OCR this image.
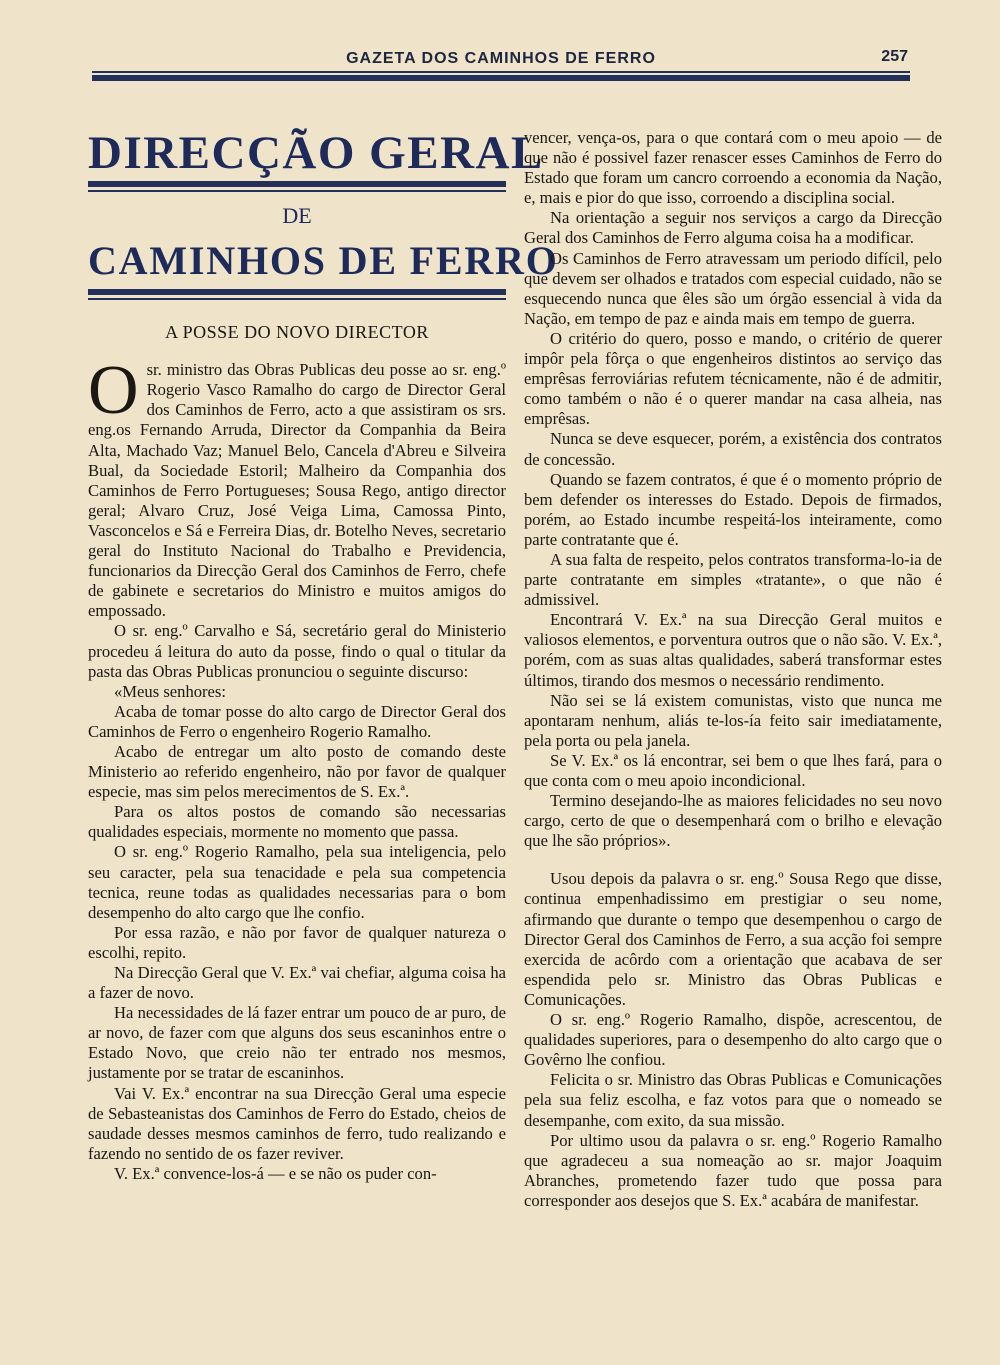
GAZETA DOS CAMINHOS DE FERRO	257
DIRECÇÃO GERAL
DE
CAMINHOS DE FERRO
A POSSE DO NOVO DIRECTOR
O sr. ministro das Obras Publicas deu posse ao sr. eng.º Rogerio Vasco Ramalho do cargo de Director Geral dos Caminhos de Ferro, acto a que assistiram os srs. eng.os Fernando Arruda, Director da Companhia da Beira Alta, Machado Vaz; Manuel Belo, Cancela d'Abreu e Silveira Bual, da Sociedade Estoril; Malheiro da Companhia dos Caminhos de Ferro Portugueses; Sousa Rego, antigo director geral; Alvaro Cruz, José Veiga Lima, Camossa Pinto, Vasconcelos e Sá e Ferreira Dias, dr. Botelho Neves, secretario geral do Instituto Nacional do Trabalho e Previdencia, funcionarios da Direcção Geral dos Caminhos de Ferro, chefe de gabinete e secretarios do Ministro e muitos amigos do empossado.

O sr. eng.º Carvalho e Sá, secretário geral do Ministerio procedeu á leitura do auto da posse, findo o qual o titular da pasta das Obras Publicas pronunciou o seguinte discurso:

«Meus senhores:

Acaba de tomar posse do alto cargo de Director Geral dos Caminhos de Ferro o engenheiro Rogerio Ramalho.

Acabo de entregar um alto posto de comando deste Ministerio ao referido engenheiro, não por favor de qualquer especie, mas sim pelos merecimentos de S. Ex.ª.

Para os altos postos de comando são necessarias qualidades especiais, mormente no momento que passa.

O sr. eng.º Rogerio Ramalho, pela sua inteligencia, pelo seu caracter, pela sua tenacidade e pela sua competencia tecnica, reune todas as qualidades necessarias para o bom desempenho do alto cargo que lhe confio.

Por essa razão, e não por favor de qualquer natureza o escolhi, repito.

Na Direcção Geral que V. Ex.ª vai chefiar, alguma coisa ha a fazer de novo.

Ha necessidades de lá fazer entrar um pouco de ar puro, de ar novo, de fazer com que alguns dos seus escaninhos entre o Estado Novo, que creio não ter entrado nos mesmos, justamente por se tratar de escaninhos.

Vai V. Ex.ª encontrar na sua Direcção Geral uma especie de Sebasteanistas dos Caminhos de Ferro do Estado, cheios de saudade desses mesmos caminhos de ferro, tudo realizando e fazendo no sentido de os fazer reviver.

V. Ex.ª convence-los-á — e se não os puder con-

vencer, vença-os, para o que contará com o meu apoio — de que não é possivel fazer renascer esses Caminhos de Ferro do Estado que foram um cancro corroendo a economia da Nação, e, mais e pior do que isso, corroendo a disciplina social.

Na orientação a seguir nos serviços a cargo da Direcção Geral dos Caminhos de Ferro alguma coisa ha a modificar.

Os Caminhos de Ferro atravessam um periodo difícil, pelo que devem ser olhados e tratados com especial cuidado, não se esquecendo nunca que êles são um órgão essencial à vida da Nação, em tempo de paz e ainda mais em tempo de guerra.

O critério do quero, posso e mando, o critério de querer impôr pela fôrça o que engenheiros distintos ao serviço das emprêsas ferroviárias refutem técnicamente, não é de admitir, como também o não é o querer mandar na casa alheia, nas emprêsas.

Nunca se deve esquecer, porém, a existência dos contratos de concessão.

Quando se fazem contratos, é que é o momento próprio de bem defender os interesses do Estado. Depois de firmados, porém, ao Estado incumbe respeitá-los inteiramente, como parte contratante que é.

A sua falta de respeito, pelos contratos transforma-lo-ia de parte contratante em simples «tratante», o que não é admissivel.

Encontrará V. Ex.ª na sua Direcção Geral muitos e valiosos elementos, e porventura outros que o não são. V. Ex.ª, porém, com as suas altas qualidades, saberá transformar estes últimos, tirando dos mesmos o necessário rendimento.

Não sei se lá existem comunistas, visto que nunca me apontaram nenhum, aliás te-los-ía feito sair imediatamente, pela porta ou pela janela.

Se V. Ex.ª os lá encontrar, sei bem o que lhes fará, para o que conta com o meu apoio incondicional.

Termino desejando-lhe as maiores felicidades no seu novo cargo, certo de que o desempenhará com o brilho e elevação que lhe são próprios».

Usou depois da palavra o sr. eng.º Sousa Rego que disse, continua empenhadissimo em prestigiar o seu nome, afirmando que durante o tempo que desempenhou o cargo de Director Geral dos Caminhos de Ferro, a sua acção foi sempre exercida de acôrdo com a orientação que acabava de ser espendida pelo sr. Ministro das Obras Publicas e Comunicações.

O sr. eng.º Rogerio Ramalho, dispõe, acrescentou, de qualidades superiores, para o desempenho do alto cargo que o Govêrno lhe confiou.

Felicita o sr. Ministro das Obras Publicas e Comunicações pela sua feliz escolha, e faz votos para que o nomeado se desempanhe, com exito, da sua missão.

Por ultimo usou da palavra o sr. eng.º Rogerio Ramalho que agradeceu a sua nomeação ao sr. major Joaquim Abranches, prometendo fazer tudo que possa para corresponder aos desejos que S. Ex.ª acabára de manifestar.
